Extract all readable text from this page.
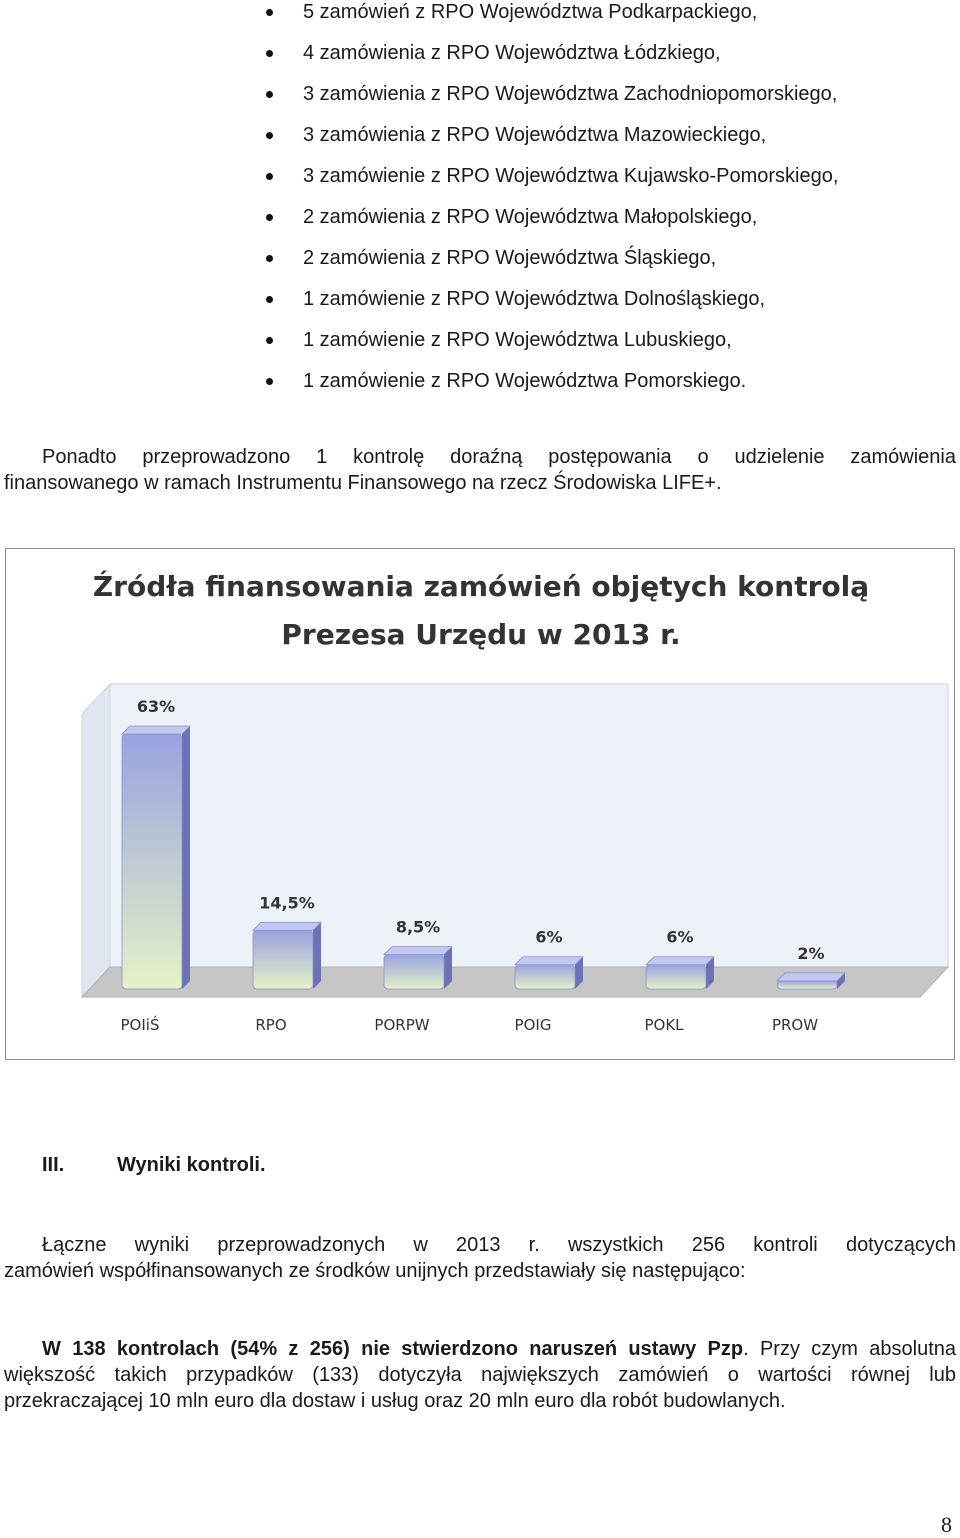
5 zamówień z RPO Województwa Podkarpackiego,
4 zamówienia z RPO Województwa Łódzkiego,
3 zamówienia z RPO Województwa Zachodniopomorskiego,
3 zamówienia z RPO Województwa Mazowieckiego,
3 zamówienie z RPO Województwa Kujawsko-Pomorskiego,
2 zamówienia z RPO Województwa Małopolskiego,
2 zamówienia z RPO Województwa Śląskiego,
1 zamówienie z RPO Województwa Dolnośląskiego,
1 zamówienie z RPO Województwa Lubuskiego,
1 zamówienie z RPO Województwa Pomorskiego.
Ponadto przeprowadzono 1 kontrolę doraźną postępowania o udzielenie zamówienia
finansowanego w ramach Instrumentu Finansowego na rzecz Środowiska LIFE+.

Źródła finansowania zamówień objętych kontrolą
Prezesa Urzędu w 2013 r.

63%
POIiŚ
14,5%
RPO
8,5%
PORPW
6%
POIG
6%
POKL
2%
PROW
III.	Wyniki kontroli.
Łączne wyniki przeprowadzonych w 2013 r. wszystkich 256 kontroli dotyczących
zamówień współfinansowanych ze środków unijnych przedstawiały się następująco:

W 138 kontrolach (54% z 256) nie stwierdzono naruszeń ustawy Pzp. Przy czym absolutna większość takich przypadków (133) dotyczyła największych zamówień o wartości równej lub przekraczającej 10 mln euro dla dostaw i usług oraz 20 mln euro dla robót budowlanych.

8
